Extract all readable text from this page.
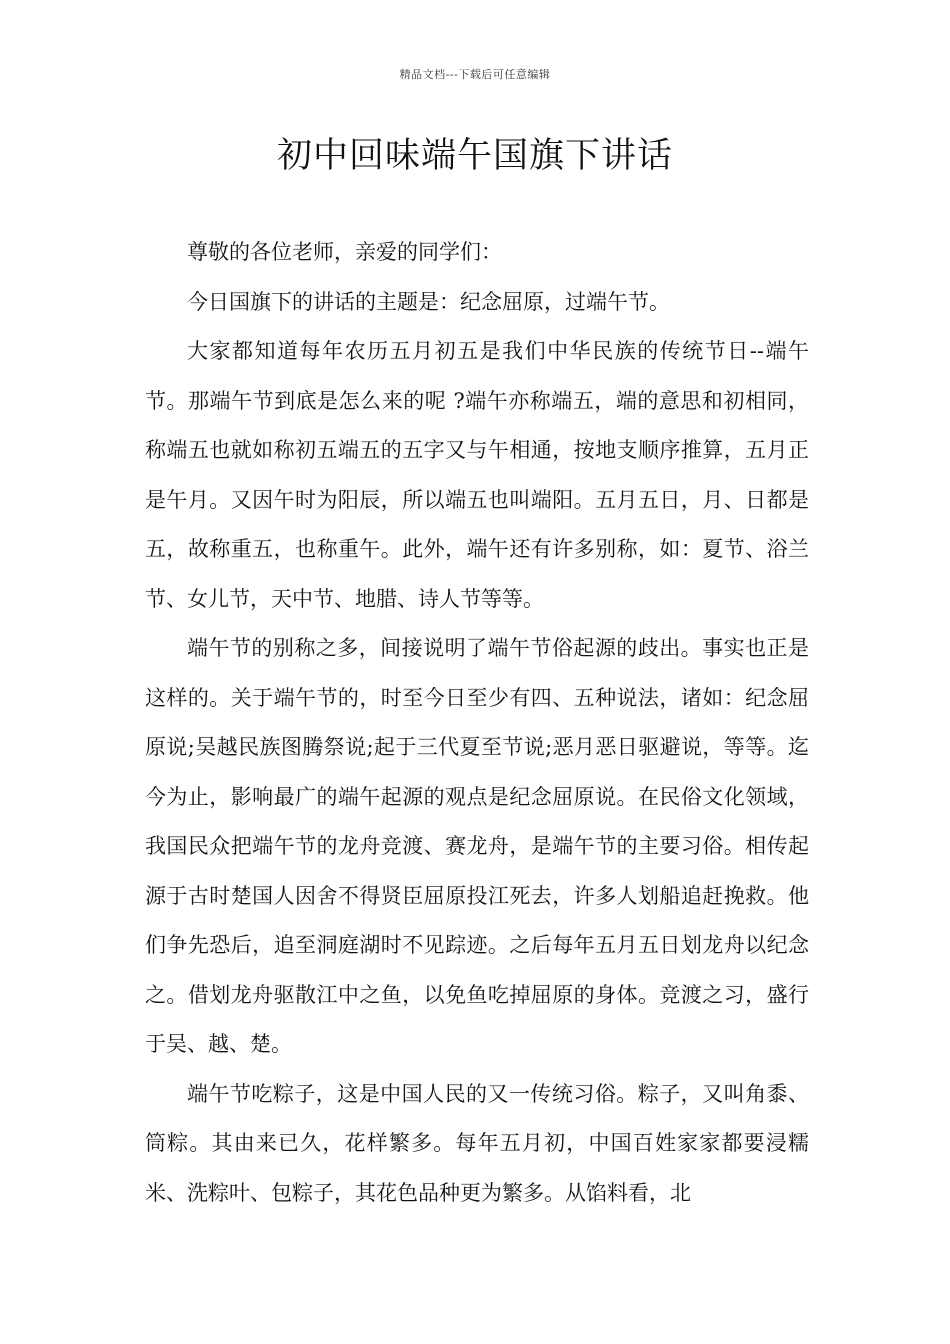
精品文档---下载后可任意编辑
初中回味端午国旗下讲话

尊敬的各位老师，亲爱的同学们：

今日国旗下的讲话的主题是：纪念屈原，过端午节。

大家都知道每年农历五月初五是我们中华民族的传统节日--端午节。那端午节到底是怎么来的呢 ?端午亦称端五，端的意思和初相同，称端五也就如称初五端五的五字又与午相通，按地支顺序推算，五月正是午月。又因午时为阳辰，所以端五也叫端阳。五月五日，月、日都是五，故称重五，也称重午。此外，端午还有许多别称，如：夏节、浴兰节、女儿节，天中节、地腊、诗人节等等。

端午节的别称之多，间接说明了端午节俗起源的歧出。事实也正是这样的。关于端午节的，时至今日至少有四、五种说法，诸如：纪念屈原说;吴越民族图腾祭说;起于三代夏至节说;恶月恶日驱避说，等等。迄今为止，影响最广的端午起源的观点是纪念屈原说。在民俗文化领域，我国民众把端午节的龙舟竞渡、赛龙舟，是端午节的主要习俗。相传起源于古时楚国人因舍不得贤臣屈原投江死去，许多人划船追赶挽救。他们争先恐后，追至洞庭湖时不见踪迹。之后每年五月五日划龙舟以纪念之。借划龙舟驱散江中之鱼，以免鱼吃掉屈原的身体。竞渡之习，盛行于吴、越、楚。

端午节吃粽子，这是中国人民的又一传统习俗。粽子，又叫角黍、筒粽。其由来已久，花样繁多。每年五月初，中国百姓家家都要浸糯米、洗粽叶、包粽子，其花色品种更为繁多。从馅料看，北
